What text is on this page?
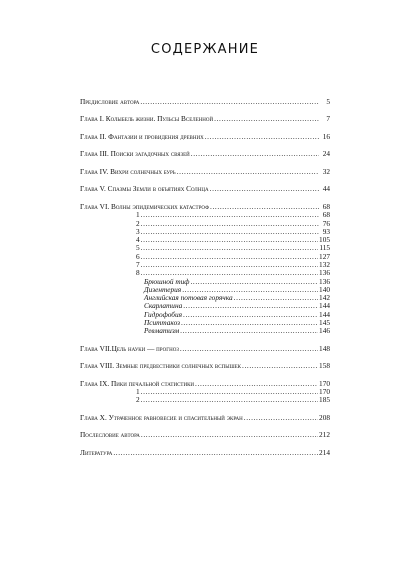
СОДЕРЖАНИЕ
Предисловие автора . . .	5
Глава I. Колыбель жизни. Пульсы Вселенной . . .	7
Глава II. Фантазии и провидения древних . . .	16
Глава III. Поиски загадочных связей . . .	24
Глава IV. Вихри солнечных бурь . . .	32
Глава V. Спазмы Земли в объятиях Солнца . . .	44
Глава VI. Волны эпидемических катастроф . . .	68
1 . . .	68
2 . . .	76
3 . . .	93
4 . . .	105
5 . . .	115
6 . . .	127
7 . . .	132
8 . . .	136
Брюшной тиф . . .	136
Дизентерия . . .	140
Английская потовая горячка . . .	142
Скарлатина . . .	144
Гидрофобия . . .	144
Пситтакоз . . .	145
Ревматизм . . .	146
Глава VII.Цель науки — прогноз . . .	148
Глава VIII. Земные предвестники солнечных вспышек . . .	158
Глава IX. Пики печальной статистики . . .	170
1 . . .	170
2 . . .	185
Глава X. Утраченное равновесие и спасительный экран . . .	208
Послесловие автора . . .	212
Литература . . .	214
